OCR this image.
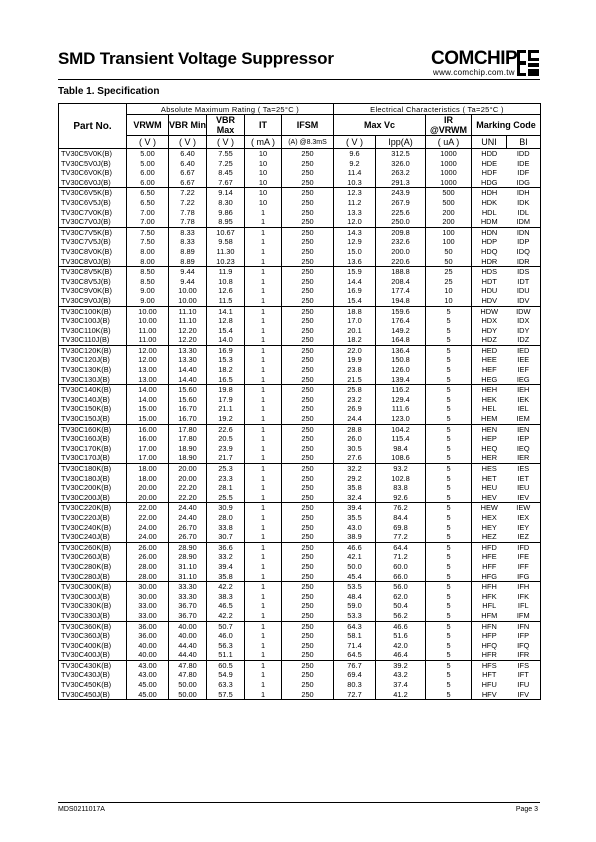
SMD Transient Voltage Suppressor	COMCHIP
www.comchip.com.tw
Table 1. Specification
Part No.	Absolute Maximum Rating ( Ta=25°C )					Electrical Characteristics ( Ta=25°C )				
	VRWM	VBR Min	VBR Max	IT	IFSM	Max Vc		IR @VRWM	Marking Code	
	( V )	( V )	( V )	( mA )	(A) @8.3mS	( V )	Ipp(A)	( uA )	UNI	BI
TV30C5V0K(B)	5.00	6.40	7.55	10	250	9.6	312.5	1000	HDD	IDD
TV30C5V0J(B)	5.00	6.40	7.25	10	250	9.2	326.0	1000	HDE	IDE
TV30C6V0K(B)	6.00	6.67	8.45	10	250	11.4	263.2	1000	HDF	IDF
TV30C6V0J(B)	6.00	6.67	7.67	10	250	10.3	291.3	1000	HDG	IDG
TV30C6V5K(B)	6.50	7.22	9.14	10	250	12.3	243.9	500	HDH	IDH
TV30C6V5J(B)	6.50	7.22	8.30	10	250	11.2	267.9	500	HDK	IDK
TV30C7V0K(B)	7.00	7.78	9.86	1	250	13.3	225.6	200	HDL	IDL
TV30C7V0J(B)	7.00	7.78	8.95	1	250	12.0	250.0	200	HDM	IDM
TV30C7V5K(B)	7.50	8.33	10.67	1	250	14.3	209.8	100	HDN	IDN
TV30C7V5J(B)	7.50	8.33	9.58	1	250	12.9	232.6	100	HDP	IDP
TV30C8V0K(B)	8.00	8.89	11.30	1	250	15.0	200.0	50	HDQ	IDQ
TV30C8V0J(B)	8.00	8.89	10.23	1	250	13.6	220.6	50	HDR	IDR
TV30C8V5K(B)	8.50	9.44	11.9	1	250	15.9	188.8	25	HDS	IDS
TV30C8V5J(B)	8.50	9.44	10.8	1	250	14.4	208.4	25	HDT	IDT
TV30C9V0K(B)	9.00	10.00	12.6	1	250	16.9	177.4	10	HDU	IDU
TV30C9V0J(B)	9.00	10.00	11.5	1	250	15.4	194.8	10	HDV	IDV
TV30C100K(B)	10.00	11.10	14.1	1	250	18.8	159.6	5	HDW	IDW
TV30C100J(B)	10.00	11.10	12.8	1	250	17.0	176.4	5	HDX	IDX
TV30C110K(B)	11.00	12.20	15.4	1	250	20.1	149.2	5	HDY	IDY
TV30C110J(B)	11.00	12.20	14.0	1	250	18.2	164.8	5	HDZ	IDZ
TV30C120K(B)	12.00	13.30	16.9	1	250	22.0	136.4	5	HED	IED
TV30C120J(B)	12.00	13.30	15.3	1	250	19.9	150.8	5	HEE	IEE
TV30C130K(B)	13.00	14.40	18.2	1	250	23.8	126.0	5	HEF	IEF
TV30C130J(B)	13.00	14.40	16.5	1	250	21.5	139.4	5	HEG	IEG
TV30C140K(B)	14.00	15.60	19.8	1	250	25.8	116.2	5	HEH	IEH
TV30C140J(B)	14.00	15.60	17.9	1	250	23.2	129.4	5	HEK	IEK
TV30C150K(B)	15.00	16.70	21.1	1	250	26.9	111.6	5	HEL	IEL
TV30C150J(B)	15.00	16.70	19.2	1	250	24.4	123.0	5	HEM	IEM
TV30C160K(B)	16.00	17.80	22.6	1	250	28.8	104.2	5	HEN	IEN
TV30C160J(B)	16.00	17.80	20.5	1	250	26.0	115.4	5	HEP	IEP
TV30C170K(B)	17.00	18.90	23.9	1	250	30.5	98.4	5	HEQ	IEQ
TV30C170J(B)	17.00	18.90	21.7	1	250	27.6	108.6	5	HER	IER
TV30C180K(B)	18.00	20.00	25.3	1	250	32.2	93.2	5	HES	IES
TV30C180J(B)	18.00	20.00	23.3	1	250	29.2	102.8	5	HET	IET
TV30C200K(B)	20.00	22.20	28.1	1	250	35.8	83.8	5	HEU	IEU
TV30C200J(B)	20.00	22.20	25.5	1	250	32.4	92.6	5	HEV	IEV
TV30C220K(B)	22.00	24.40	30.9	1	250	39.4	76.2	5	HEW	IEW
TV30C220J(B)	22.00	24.40	28.0	1	250	35.5	84.4	5	HEX	IEX
TV30C240K(B)	24.00	26.70	33.8	1	250	43.0	69.8	5	HEY	IEY
TV30C240J(B)	24.00	26.70	30.7	1	250	38.9	77.2	5	HEZ	IEZ
TV30C260K(B)	26.00	28.90	36.6	1	250	46.6	64.4	5	HFD	IFD
TV30C260J(B)	26.00	28.90	33.2	1	250	42.1	71.2	5	HFE	IFE
TV30C280K(B)	28.00	31.10	39.4	1	250	50.0	60.0	5	HFF	IFF
TV30C280J(B)	28.00	31.10	35.8	1	250	45.4	66.0	5	HFG	IFG
TV30C300K(B)	30.00	33.30	42.2	1	250	53.5	56.0	5	HFH	IFH
TV30C300J(B)	30.00	33.30	38.3	1	250	48.4	62.0	5	HFK	IFK
TV30C330K(B)	33.00	36.70	46.5	1	250	59.0	50.4	5	HFL	IFL
TV30C330J(B)	33.00	36.70	42.2	1	250	53.3	56.2	5	HFM	IFM
TV30C360K(B)	36.00	40.00	50.7	1	250	64.3	46.6	5	HFN	IFN
TV30C360J(B)	36.00	40.00	46.0	1	250	58.1	51.6	5	HFP	IFP
TV30C400K(B)	40.00	44.40	56.3	1	250	71.4	42.0	5	HFQ	IFQ
TV30C400J(B)	40.00	44.40	51.1	1	250	64.5	46.4	5	HFR	IFR
TV30C430K(B)	43.00	47.80	60.5	1	250	76.7	39.2	5	HFS	IFS
TV30C430J(B)	43.00	47.80	54.9	1	250	69.4	43.2	5	HFT	IFT
TV30C450K(B)	45.00	50.00	63.3	1	250	80.3	37.4	5	HFU	IFU
TV30C450J(B)	45.00	50.00	57.5	1	250	72.7	41.2	5	HFV	IFV
MDS0211017A	Page 3
